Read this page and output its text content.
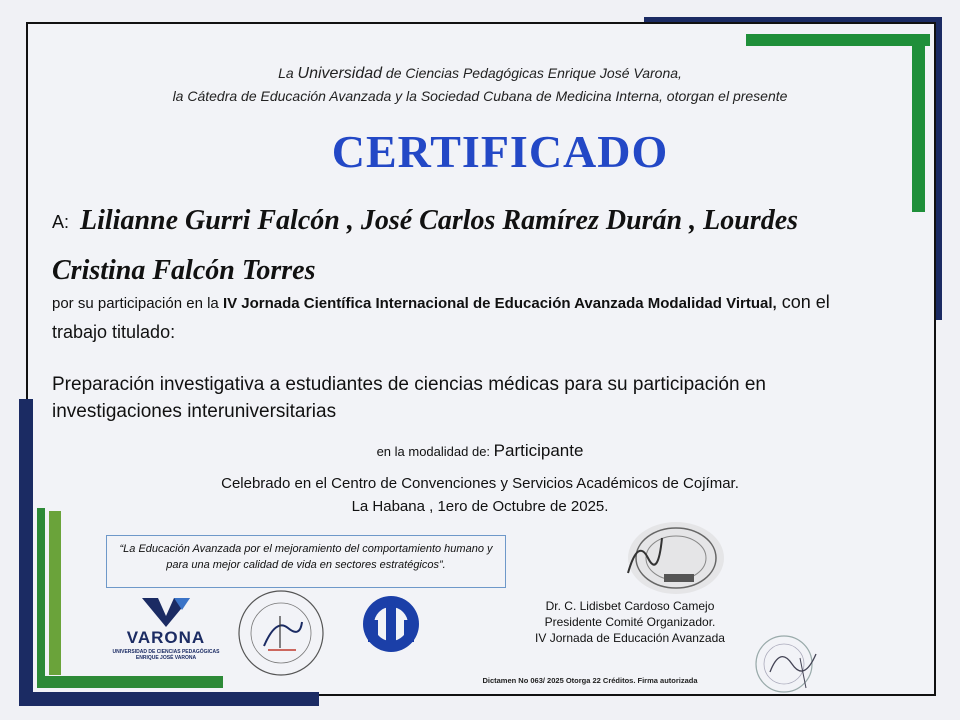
La Universidad de Ciencias Pedagógicas Enrique José Varona,
la Cátedra de Educación Avanzada y la Sociedad Cubana de Medicina Interna, otorgan el presente
CERTIFICADO
A: Lilianne Gurri Falcón , José Carlos Ramírez Durán , Lourdes Cristina Falcón Torres
por su participación en la IV Jornada Científica Internacional de Educación Avanzada Modalidad Virtual, con el trabajo titulado:
Preparación investigativa a estudiantes de ciencias médicas para su participación en investigaciones interuniversitarias
en la modalidad de: Participante
Celebrado en el Centro de Convenciones y Servicios Académicos de Cojímar.
La Habana , 1ero de Octubre de 2025.
“La Educación Avanzada por el mejoramiento del comportamiento humano y para una mejor calidad de vida en sectores estratégicos”.
VARONA
UNIVERSIDAD DE CIENCIAS PEDAGÓGICAS ENRIQUE JOSÉ VARONA
Dr. C. Lidisbet Cardoso Camejo
Presidente Comité Organizador.
IV Jornada de Educación Avanzada
Dictamen No 063/ 2025 Otorga 22 Créditos. Firma autorizada
